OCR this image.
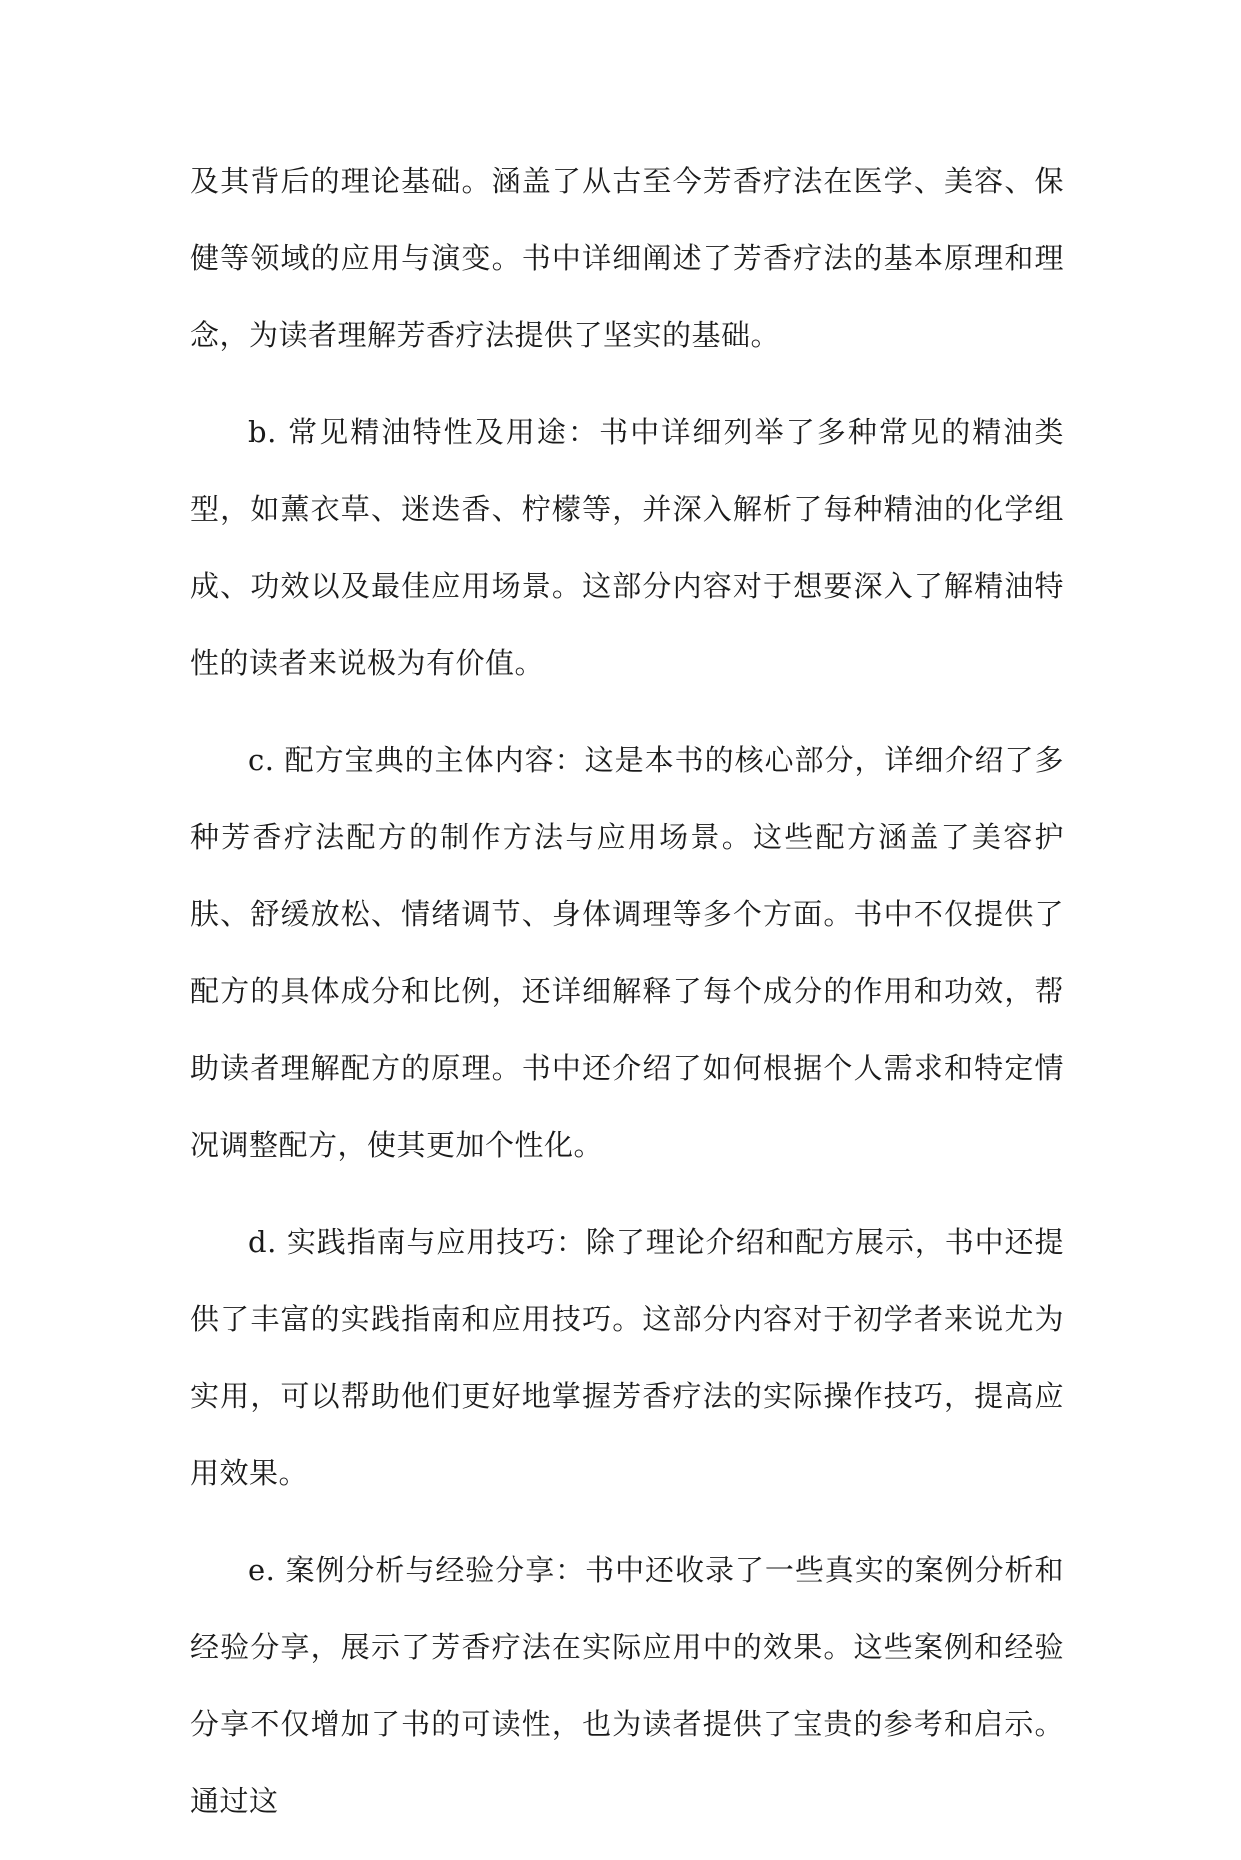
及其背后的理论基础。涵盖了从古至今芳香疗法在医学、美容、保健等领域的应用与演变。书中详细阐述了芳香疗法的基本原理和理念，为读者理解芳香疗法提供了坚实的基础。

b. 常见精油特性及用途：书中详细列举了多种常见的精油类型，如薰衣草、迷迭香、柠檬等，并深入解析了每种精油的化学组成、功效以及最佳应用场景。这部分内容对于想要深入了解精油特性的读者来说极为有价值。

c. 配方宝典的主体内容：这是本书的核心部分，详细介绍了多种芳香疗法配方的制作方法与应用场景。这些配方涵盖了美容护肤、舒缓放松、情绪调节、身体调理等多个方面。书中不仅提供了配方的具体成分和比例，还详细解释了每个成分的作用和功效，帮助读者理解配方的原理。书中还介绍了如何根据个人需求和特定情况调整配方，使其更加个性化。

d. 实践指南与应用技巧：除了理论介绍和配方展示，书中还提供了丰富的实践指南和应用技巧。这部分内容对于初学者来说尤为实用，可以帮助他们更好地掌握芳香疗法的实际操作技巧，提高应用效果。

e. 案例分析与经验分享：书中还收录了一些真实的案例分析和经验分享，展示了芳香疗法在实际应用中的效果。这些案例和经验分享不仅增加了书的可读性，也为读者提供了宝贵的参考和启示。通过这
